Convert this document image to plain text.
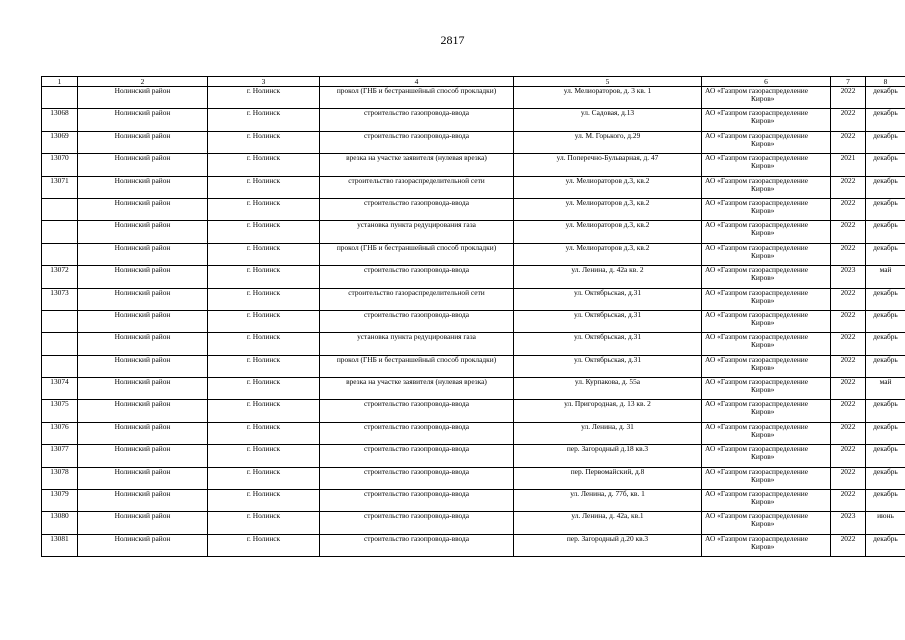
2817
1	2	3	4	5	6	7	8
	Нолинский район	г. Нолинск	прокол (ГНБ и бестраншейный способ прокладки)	ул. Мелиораторов, д. 3 кв. 1	АО «Газпром газораспределение
Киров»	2022	декабрь
13068	Нолинский район	г. Нолинск	строительство газопровода-ввода	ул. Садовая, д.13	АО «Газпром газораспределение
Киров»	2022	декабрь
13069	Нолинский район	г. Нолинск	строительство газопровода-ввода	ул. М. Горького, д.29	АО «Газпром газораспределение
Киров»	2022	декабрь
13070	Нолинский район	г. Нолинск	врезка на участке заявителя (нулевая врезка)	ул. Поперечно-Бульварная, д. 47	АО «Газпром газораспределение
Киров»	2021	декабрь
13071	Нолинский район	г. Нолинск	строительство газораспределительной сети	ул. Мелиораторов д.3, кв.2	АО «Газпром газораспределение
Киров»	2022	декабрь
	Нолинский район	г. Нолинск	строительство газопровода-ввода	ул. Мелиораторов д.3, кв.2	АО «Газпром газораспределение
Киров»	2022	декабрь
	Нолинский район	г. Нолинск	установка пункта редуцирования газа	ул. Мелиораторов д.3, кв.2	АО «Газпром газораспределение
Киров»	2022	декабрь
	Нолинский район	г. Нолинск	прокол (ГНБ и бестраншейный способ прокладки)	ул. Мелиораторов д.3, кв.2	АО «Газпром газораспределение
Киров»	2022	декабрь
13072	Нолинский район	г. Нолинск	строительство газопровода-ввода	ул. Ленина, д. 42а кв. 2	АО «Газпром газораспределение
Киров»	2023	май
13073	Нолинский район	г. Нолинск	строительство газораспределительной сети	ул. Октябрьская, д.31	АО «Газпром газораспределение
Киров»	2022	декабрь
	Нолинский район	г. Нолинск	строительство газопровода-ввода	ул. Октябрьская, д.31	АО «Газпром газораспределение
Киров»	2022	декабрь
	Нолинский район	г. Нолинск	установка пункта редуцирования газа	ул. Октябрьская, д.31	АО «Газпром газораспределение
Киров»	2022	декабрь
	Нолинский район	г. Нолинск	прокол (ГНБ и бестраншейный способ прокладки)	ул. Октябрьская, д.31	АО «Газпром газораспределение
Киров»	2022	декабрь
13074	Нолинский район	г. Нолинск	врезка на участке заявителя (нулевая врезка)	ул. Курпакова, д. 55а	АО «Газпром газораспределение
Киров»	2022	май
13075	Нолинский район	г. Нолинск	строительство газопровода-ввода	ул. Пригородная, д. 13 кв. 2	АО «Газпром газораспределение
Киров»	2022	декабрь
13076	Нолинский район	г. Нолинск	строительство газопровода-ввода	ул. Ленина, д. 31	АО «Газпром газораспределение
Киров»	2022	декабрь
13077	Нолинский район	г. Нолинск	строительство газопровода-ввода	пер. Загородный д.18 кв.3	АО «Газпром газораспределение
Киров»	2022	декабрь
13078	Нолинский район	г. Нолинск	строительство газопровода-ввода	пер. Первомайский, д.8	АО «Газпром газораспределение
Киров»	2022	декабрь
13079	Нолинский район	г. Нолинск	строительство газопровода-ввода	ул. Ленина, д. 77б, кв. 1	АО «Газпром газораспределение
Киров»	2022	декабрь
13080	Нолинский район	г. Нолинск	строительство газопровода-ввода	ул. Ленина, д. 42а, кв.1	АО «Газпром газораспределение
Киров»	2023	июнь
13081	Нолинский район	г. Нолинск	строительство газопровода-ввода	пер. Загородный д.20 кв.3	АО «Газпром газораспределение
Киров»	2022	декабрь
